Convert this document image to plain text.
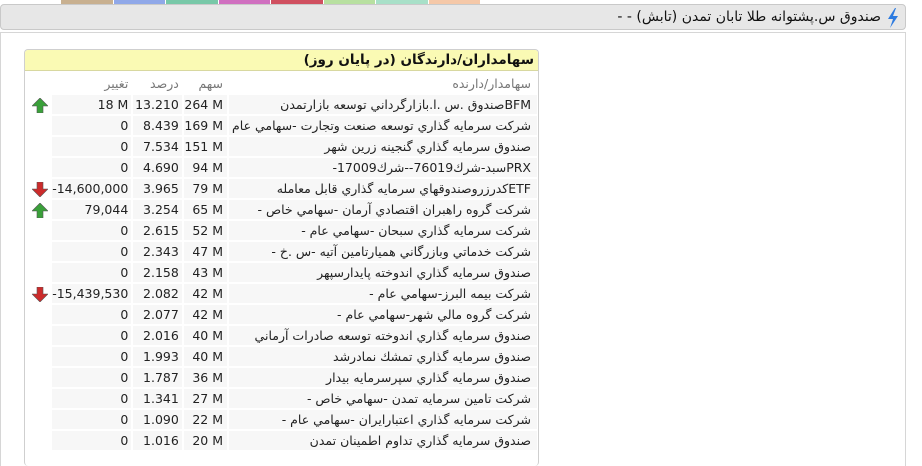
صندوق س.پشتوانه طلا تابان تمدن (تابش) - -
سهامداران/دارندگان (در پایان روز)
	تغییر	درصد	سهم	سهامدار/دارنده
	18 M	13.210	264 M	BFMصندوق .س .ا.بازارگرداني توسعه بازارتمدن
	0	8.439	169 M	شركت سرمايه گذاري توسعه صنعت وتجارت -سهامي عام
	0	7.534	151 M	صندوق سرمايه گذاري گنجينه زرين شهر
	0	4.690	94 M	PRXسبد-شرك76019--شرك17009-
	-14,600,000	3.965	79 M	ETFكدرزروصندوقهاي سرمايه گذاري قابل معامله
	79,044	3.254	65 M	شركت گروه راهبران اقتصادي آرمان -سهامي خاص -
	0	2.615	52 M	شركت سرمايه گذاري سبحان -سهامي عام -
	0	2.343	47 M	شركت خدماتي وبازرگاني هميارتامين آتيه -س .خ -
	0	2.158	43 M	صندوق سرمايه گذاري اندوخته پايدارسپهر
	-15,439,530	2.082	42 M	شركت بيمه البرز-سهامي عام -
	0	2.077	42 M	شركت گروه مالي شهر-سهامي عام -
	0	2.016	40 M	صندوق سرمايه گذاري اندوخته توسعه صادرات آرماني
	0	1.993	40 M	صندوق سرمايه گذاري تمشك نمادرشد
	0	1.787	36 M	صندوق سرمايه گذاري سپرسرمايه بيدار
	0	1.341	27 M	شركت تامين سرمايه تمدن -سهامي خاص -
	0	1.090	22 M	شركت سرمايه گذاري اعتبارايران -سهامي عام -
	0	1.016	20 M	صندوق سرمايه گذاري تداوم اطمينان تمدن
